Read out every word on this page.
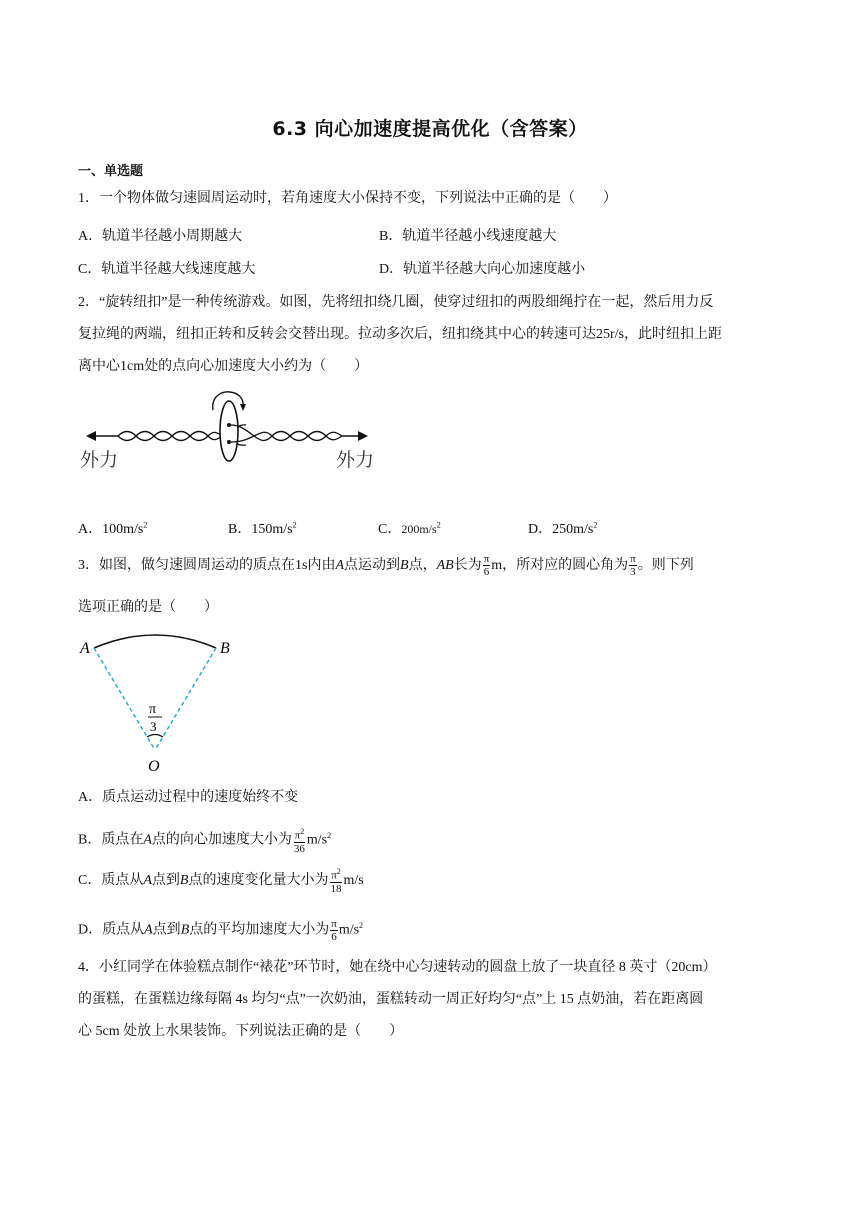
6.3 向心加速度提高优化（含答案）
一、单选题
1．一个物体做匀速圆周运动时，若角速度大小保持不变，下列说法中正确的是（　　）
A．轨道半径越小周期越大	B．轨道半径越小线速度越大
C．轨道半径越大线速度越大	D．轨道半径越大向心加速度越小
2．“旋转纽扣”是一种传统游戏。如图，先将纽扣绕几圈，使穿过纽扣的两股细绳拧在一起，然后用力反
复拉绳的两端，纽扣正转和反转会交替出现。拉动多次后，纽扣绕其中心的转速可达25r/s，此时纽扣上距
离中心1cm处的点向心加速度大小约为（　　）
外力	外力
A．$100m/s^2$	B．$150m/s^2$	C．$200m/s^2$	D．$250m/s^2$
3．如图，做匀速圆周运动的质点在1s内由A点运动到B点，AB长为 $\frac{\pi}{6}$ m，所对应的圆心角为 $\frac{\pi}{3}$ 。则下列
选项正确的是（　　）
A	B
O
π
3
A．质点运动过程中的速度始终不变
B．质点在A点的向心加速度大小为 $\frac{\pi^2}{36} m/s^2$
C．质点从A点到B点的速度变化量大小为 $\frac{\pi^2}{18} m/s$
D．质点从A点到B点的平均加速度大小为 $\frac{\pi}{6} m/s^2$
4．小红同学在体验糕点制作“裱花”环节时，她在绕中心匀速转动的圆盘上放了一块直径 8 英寸（20cm）
的蛋糕，在蛋糕边缘每隔 4s 均匀“点”一次奶油，蛋糕转动一周正好均匀“点”上 15 点奶油，若在距离圆
心 5cm 处放上水果装饰。下列说法正确的是（　　）
